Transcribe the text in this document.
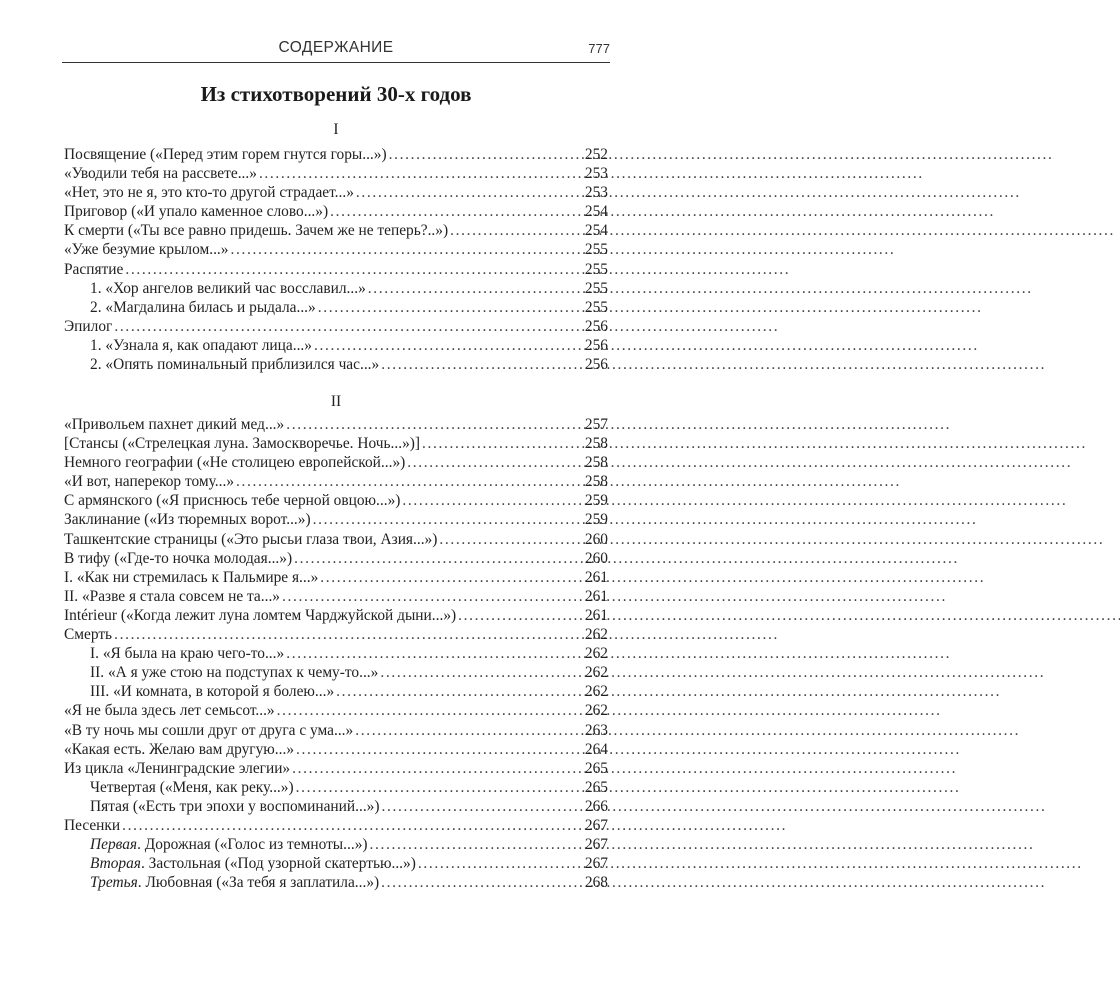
СОДЕРЖАНИЕ	777
Из стихотворений 30-х годов
I
Посвящение («Перед этим горем гнутся горы...») . . .	252
«Уводили тебя на рассвете...» . . .	253
«Нет, это не я, это кто-то другой страдает...» . . .	253
Приговор («И упало каменное слово...») . . .	254
К смерти («Ты все равно придешь. Зачем же не теперь?..») . . .	254
«Уже безумие крылом...» . . .	255
Распятие . . .	255
1. «Хор ангелов великий час восславил...» . . .	255
2. «Магдалина билась и рыдала...» . . .	255
Эпилог . . .	256
1. «Узнала я, как опадают лица...» . . .	256
2. «Опять поминальный приблизился час...» . . .	256
II
«Привольем пахнет дикий мед...» . . .	257
[Стансы («Стрелецкая луна. Замоскворечье. Ночь...»)] . . .	258
Немного географии («Не столицею европейской...») . . .	258
«И вот, наперекор тому...» . . .	258
С армянского («Я приснюсь тебе черной овцою...») . . .	259
Заклинание («Из тюремных ворот...») . . .	259
Ташкентские страницы («Это рысьи глаза твои, Азия...») . . .	260
В тифу («Где-то ночка молодая...») . . .	260
I. «Как ни стремилась к Пальмире я...» . . .	261
II. «Разве я стала совсем не та...» . . .	261
Intérieur («Когда лежит луна ломтем Чарджуйской дыни...») . . .	261
Смерть . . .	262
I. «Я была на краю чего-то...» . . .	262
II. «А я уже стою на подступах к чему-то...» . . .	262
III. «И комната, в которой я болею...» . . .	262
«Я не была здесь лет семьсот...» . . .	262
«В ту ночь мы сошли друг от друга с ума...» . . .	263
«Какая есть. Желаю вам другую...» . . .	264
Из цикла «Ленинградские элегии» . . .	265
Четвертая («Меня, как реку...») . . .	265
Пятая («Есть три эпохи у воспоминаний...») . . .	266
Песенки . . .	267
Первая. Дорожная («Голос из темноты...») . . .	267
Вторая. Застольная («Под узорной скатертью...») . . .	267
Третья. Любовная («За тебя я заплатила...») . . .	268
